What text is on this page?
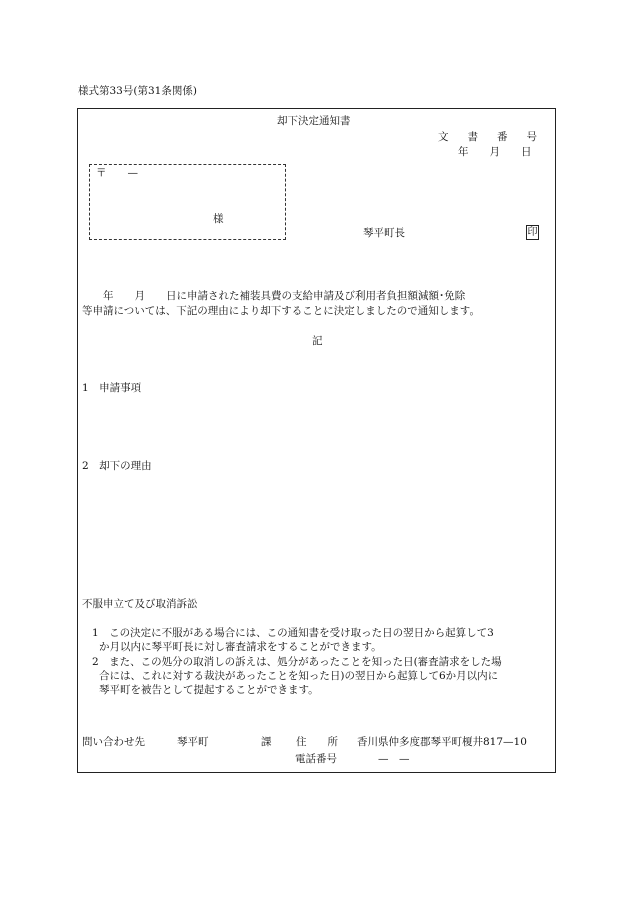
様式第33号(第31条関係)
却下決定通知書
文 書 番 号
年　　月　　日
〒　　—
様
琴平町長	印
　　年　　月　　日に申請された補装具費の支給申請及び利用者負担額減額･免除
等申請については、下記の理由により却下することに決定しましたので通知します。
記
1　申請事項
2　却下の理由
不服申立て及び取消訴訟
1　この決定に不服がある場合には、この通知書を受け取った日の翌日から起算して3
か月以内に琴平町長に対し審査請求をすることができます。
2　また、この処分の取消しの訴えは、処分があったことを知った日(審査請求をした場
合には、これに対する裁決があったことを知った日)の翌日から起算して6か月以内に
琴平町を被告として提起することができます。
問い合わせ先	琴平町	課 住　　所 香川県仲多度郡琴平町榎井817—10
電話番号	—　—
